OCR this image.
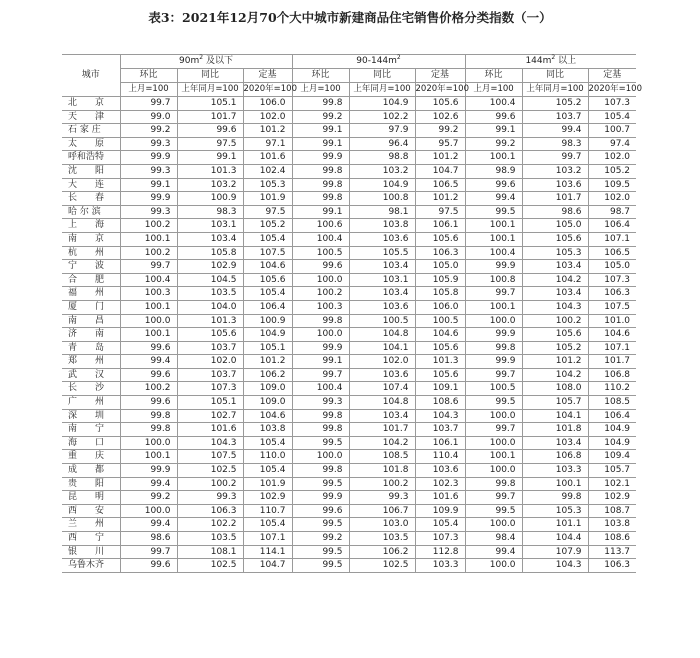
表3：2021年12月70个大中城市新建商品住宅销售价格分类指数（一）
城市	$90m^2$ 及以下			$90-144m^2$			$144m^2$ 以上		
	环比	同比	定基	环比	同比	定基	环比	同比	定基
	上月=100	上年同月=100	2020年=100	上月=100	上年同月=100	2020年=100	上月=100	上年同月=100	2020年=100
北　　京	99.7	105.1	106.0	99.8	104.9	105.6	100.4	105.2	107.3
天　　津	99.0	101.7	102.0	99.2	102.2	102.6	99.6	103.7	105.4
石 家 庄	99.2	99.6	101.2	99.1	97.9	99.2	99.1	99.4	100.7
太　　原	99.3	97.5	97.1	99.1	96.4	95.7	99.2	98.3	97.4
呼和浩特	99.9	99.1	101.6	99.9	98.8	101.2	100.1	99.7	102.0
沈　　阳	99.3	101.3	102.4	99.8	103.2	104.7	98.9	103.2	105.2
大　　连	99.1	103.2	105.3	99.8	104.9	106.5	99.6	103.6	109.5
长　　春	99.9	100.9	101.9	99.8	100.8	101.2	99.4	101.7	102.0
哈 尔 滨	99.3	98.3	97.5	99.1	98.1	97.5	99.5	98.6	98.7
上　　海	100.2	103.1	105.2	100.6	103.8	106.1	100.1	105.0	106.4
南　　京	100.1	103.4	105.4	100.4	103.6	105.6	100.1	105.6	107.1
杭　　州	100.2	105.8	107.5	100.5	105.5	106.3	100.4	105.3	106.5
宁　　波	99.7	102.9	104.6	99.6	103.4	105.0	99.9	103.4	105.0
合　　肥	100.4	104.5	105.6	100.0	103.1	105.9	100.8	104.2	107.3
福　　州	100.3	103.5	105.4	100.2	103.4	105.8	99.7	103.4	106.3
厦　　门	100.1	104.0	106.4	100.3	103.6	106.0	100.1	104.3	107.5
南　　昌	100.0	101.3	100.9	99.8	100.5	100.5	100.0	100.2	101.0
济　　南	100.1	105.6	104.9	100.0	104.8	104.6	99.9	105.6	104.6
青　　岛	99.6	103.7	105.1	99.9	104.1	105.6	99.8	105.2	107.1
郑　　州	99.4	102.0	101.2	99.1	102.0	101.3	99.9	101.2	101.7
武　　汉	99.6	103.7	106.2	99.7	103.6	105.6	99.7	104.2	106.8
长　　沙	100.2	107.3	109.0	100.4	107.4	109.1	100.5	108.0	110.2
广　　州	99.6	105.1	109.0	99.3	104.8	108.6	99.5	105.7	108.5
深　　圳	99.8	102.7	104.6	99.8	103.4	104.3	100.0	104.1	106.4
南　　宁	99.8	101.6	103.8	99.8	101.7	103.7	99.7	101.8	104.9
海　　口	100.0	104.3	105.4	99.5	104.2	106.1	100.0	103.4	104.9
重　　庆	100.1	107.5	110.0	100.0	108.5	110.4	100.1	106.8	109.4
成　　都	99.9	102.5	105.4	99.8	101.8	103.6	100.0	103.3	105.7
贵　　阳	99.4	100.2	101.9	99.5	100.2	102.3	99.8	100.1	102.1
昆　　明	99.2	99.3	102.9	99.9	99.3	101.6	99.7	99.8	102.9
西　　安	100.0	106.3	110.7	99.6	106.7	109.9	99.5	105.3	108.7
兰　　州	99.4	102.2	105.4	99.5	103.0	105.4	100.0	101.1	103.8
西　　宁	98.6	103.5	107.1	99.2	103.5	107.3	98.4	104.4	108.6
银　　川	99.7	108.1	114.1	99.5	106.2	112.8	99.4	107.9	113.7
乌鲁木齐	99.6	102.5	104.7	99.5	102.5	103.3	100.0	104.3	106.3
